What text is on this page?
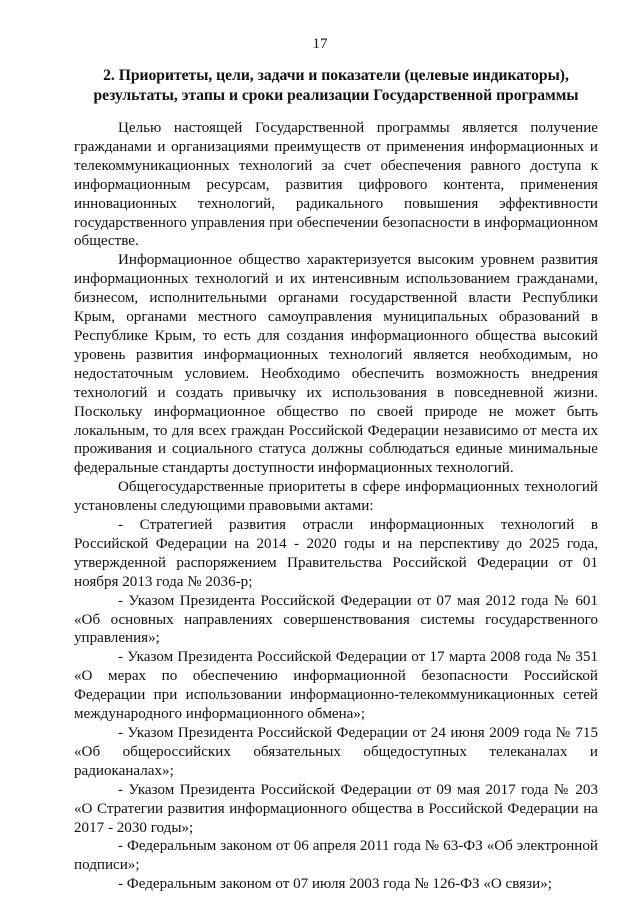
17
2. Приоритеты, цели, задачи и показатели (целевые индикаторы),
результаты, этапы и сроки реализации Государственной программы

Целью настоящей Государственной программы является получение гражданами и организациями преимуществ от применения информационных и телекоммуникационных технологий за счет обеспечения равного доступа к информационным ресурсам, развития цифрового контента, применения инновационных технологий, радикального повышения эффективности государственного управления при обеспечении безопасности в информационном обществе.

Информационное общество характеризуется высоким уровнем развития информационных технологий и их интенсивным использованием гражданами, бизнесом, исполнительными органами государственной власти Республики Крым, органами местного самоуправления муниципальных образований в Республике Крым, то есть для создания информационного общества высокий уровень развития информационных технологий является необходимым, но недостаточным условием. Необходимо обеспечить возможность внедрения технологий и создать привычку их использования в повседневной жизни. Поскольку информационное общество по своей природе не может быть локальным, то для всех граждан Российской Федерации независимо от места их проживания и социального статуса должны соблюдаться единые минимальные федеральные стандарты доступности информационных технологий.

Общегосударственные приоритеты в сфере информационных технологий установлены следующими правовыми актами:

- Стратегией развития отрасли информационных технологий в Российской Федерации на 2014 - 2020 годы и на перспективу до 2025 года, утвержденной распоряжением Правительства Российской Федерации от 01 ноября 2013 года № 2036-р;

- Указом Президента Российской Федерации от 07 мая 2012 года № 601 «Об основных направлениях совершенствования системы государственного управления»;

- Указом Президента Российской Федерации от 17 марта 2008 года № 351 «О мерах по обеспечению информационной безопасности Российской Федерации при использовании информационно-телекоммуникационных сетей международного информационного обмена»;

- Указом Президента Российской Федерации от 24 июня 2009 года № 715 «Об общероссийских обязательных общедоступных телеканалах и радиоканалах»;

- Указом Президента Российской Федерации от 09 мая 2017 года № 203 «О Стратегии развития информационного общества в Российской Федерации на 2017 - 2030 годы»;

- Федеральным законом от 06 апреля 2011 года № 63-ФЗ «Об электронной подписи»;

- Федеральным законом от 07 июля 2003 года № 126-ФЗ «О связи»;
